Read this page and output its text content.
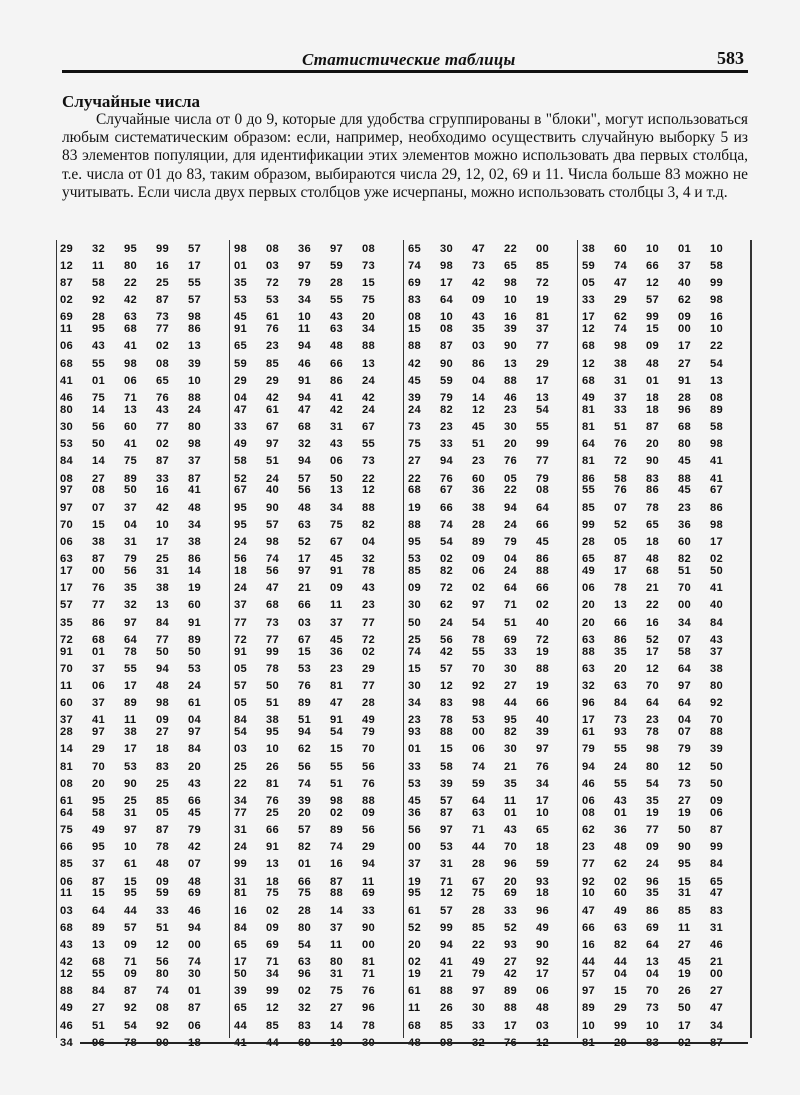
Статистические таблицы	583
Случайные числа
Случайные числа от 0 до 9, которые для удобства сгруппированы в "блоки", могут использоваться любым систематическим образом: если, например, необходимо осуществить случайную выборку 5 из 83 элементов популяции, для идентификации этих элементов можно использовать два первых столбца, т.е. числа от 01 до 83, таким образом, выбираются числа 29, 12, 02, 69 и 11. Числа больше 83 можно не учитывать. Если числа двух первых столбцов уже исчерпаны, можно использовать столбцы 3, 4 и т.д.
29	32	95	99	57
12	11	80	16	17
87	58	22	25	55
02	92	42	87	57
69	28	63	73	98
11	95	68	77	86
06	43	41	02	13
68	55	98	08	39
41	01	06	65	10
46	75	71	76	88
80	14	13	43	24
30	56	60	77	80
53	50	41	02	98
84	14	75	87	37
08	27	89	33	87
97	08	50	16	41
97	07	37	42	48
70	15	04	10	34
06	38	31	17	38
63	87	79	25	86
17	00	56	31	14
17	76	35	38	19
57	77	32	13	60
35	86	97	84	91
72	68	64	77	89
91	01	78	50	50
70	37	55	94	53
11	06	17	48	24
60	37	89	98	61
37	41	11	09	04
28	97	38	27	97
14	29	17	18	84
81	70	53	83	20
08	20	90	25	43
61	95	25	85	66
64	58	31	05	45
75	49	97	87	79
66	95	10	78	42
85	37	61	48	07
06	87	15	09	48
11	15	95	59	69
03	64	44	33	46
68	89	57	51	94
43	13	09	12	00
42	68	71	56	74
12	55	09	80	30
88	84	87	74	01
49	27	92	08	87
46	51	54	92	06
34	96	78	90	18
98	08	36	97	08
01	03	97	59	73
35	72	79	28	15
53	53	34	55	75
45	61	10	43	20
91	76	11	63	34
65	23	94	48	88
59	85	46	66	13
29	29	91	86	24
04	42	94	41	42
47	61	47	42	24
33	67	68	31	67
49	97	32	43	55
58	51	94	06	73
52	24	57	50	22
67	40	56	13	12
95	90	48	34	88
95	57	63	75	82
24	98	52	67	04
56	74	17	45	32
18	56	97	91	78
24	47	21	09	43
37	68	66	11	23
77	73	03	37	77
72	77	67	45	72
91	99	15	36	02
05	78	53	23	29
57	50	76	81	77
05	51	89	47	28
84	38	51	91	49
54	95	94	54	79
03	10	62	15	70
25	26	56	55	56
22	81	74	51	76
34	76	39	98	88
77	25	20	02	09
31	66	57	89	56
24	91	82	74	29
99	13	01	16	94
31	18	66	87	11
81	75	75	88	69
16	02	28	14	33
84	09	80	37	90
65	69	54	11	00
17	71	63	80	81
50	34	96	31	71
39	99	02	75	76
65	12	32	27	96
44	85	83	14	78
41	44	69	10	30
65	30	47	22	00
74	98	73	65	85
69	17	42	98	72
83	64	09	10	19
08	10	43	16	81
15	08	35	39	37
88	87	03	90	77
42	90	86	13	29
45	59	04	88	17
39	79	14	46	13
24	82	12	23	54
73	23	45	30	55
75	33	51	20	99
27	94	23	76	77
22	76	60	05	79
68	67	36	22	08
19	66	38	94	64
88	74	28	24	66
95	54	89	79	45
53	02	09	04	86
85	82	06	24	88
09	72	02	64	66
30	62	97	71	02
50	24	54	51	40
25	56	78	69	72
74	42	55	33	19
15	57	70	30	88
30	12	92	27	19
34	83	98	44	66
23	78	53	95	40
93	88	00	82	39
01	15	06	30	97
33	58	74	21	76
53	39	59	35	34
45	57	64	11	17
36	87	63	01	10
56	97	71	43	65
00	53	44	70	18
37	31	28	96	59
19	71	67	20	93
95	12	75	69	18
61	57	28	33	96
52	99	85	52	49
20	94	22	93	90
02	41	49	27	92
19	21	79	42	17
61	88	97	89	06
11	26	30	88	48
68	85	33	17	03
48	98	32	76	12
38	60	10	01	10
59	74	66	37	58
05	47	12	40	99
33	29	57	62	98
17	62	99	09	16
12	74	15	00	10
68	98	09	17	22
12	38	48	27	54
68	31	01	91	13
49	37	18	28	08
81	33	18	96	89
81	51	87	68	58
64	76	20	80	98
81	72	90	45	41
86	58	83	88	41
55	76	86	45	67
85	07	78	23	86
99	52	65	36	98
28	05	18	60	17
65	87	48	82	02
49	17	68	51	50
06	78	21	70	41
20	13	22	00	40
20	66	16	34	84
63	86	52	07	43
88	35	17	58	37
63	20	12	64	38
32	63	70	97	80
96	84	64	64	92
17	73	23	04	70
61	93	78	07	88
79	55	98	79	39
94	24	80	12	50
46	55	54	73	50
06	43	35	27	09
08	01	19	19	06
62	36	77	50	87
23	48	09	90	99
77	62	24	95	84
92	02	96	15	65
10	60	35	31	47
47	49	86	85	83
66	63	69	11	31
16	82	64	27	46
44	44	13	45	21
57	04	04	19	00
97	15	70	26	27
89	29	73	50	47
10	99	10	17	34
81	29	83	02	87
